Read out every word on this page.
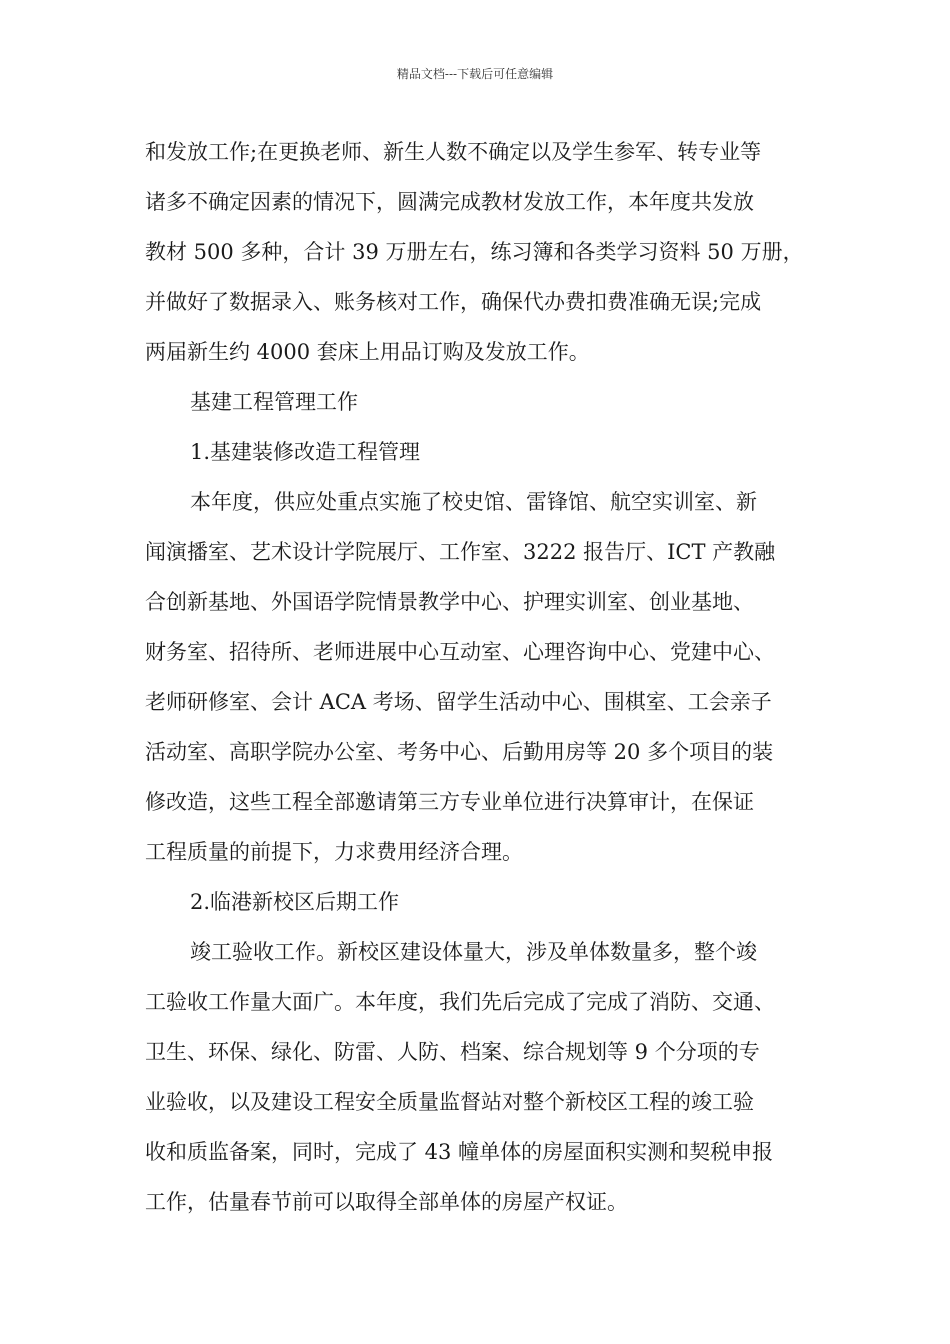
精品文档---下载后可任意编辑
和发放工作;在更换老师、新生人数不确定以及学生参军、转专业等
诸多不确定因素的情况下，圆满完成教材发放工作，本年度共发放
教材 500 多种，合计 39 万册左右，练习簿和各类学习资料 50 万册，
并做好了数据录入、账务核对工作，确保代办费扣费准确无误;完成
两届新生约 4000 套床上用品订购及发放工作。
基建工程管理工作
1.基建装修改造工程管理
本年度，供应处重点实施了校史馆、雷锋馆、航空实训室、新
闻演播室、艺术设计学院展厅、工作室、3222 报告厅、ICT 产教融
合创新基地、外国语学院情景教学中心、护理实训室、创业基地、
财务室、招待所、老师进展中心互动室、心理咨询中心、党建中心、
老师研修室、会计 ACA 考场、留学生活动中心、围棋室、工会亲子
活动室、高职学院办公室、考务中心、后勤用房等 20 多个项目的装
修改造，这些工程全部邀请第三方专业单位进行决算审计，在保证
工程质量的前提下，力求费用经济合理。
2.临港新校区后期工作
竣工验收工作。新校区建设体量大，涉及单体数量多，整个竣
工验收工作量大面广。本年度，我们先后完成了完成了消防、交通、
卫生、环保、绿化、防雷、人防、档案、综合规划等 9 个分项的专
业验收，以及建设工程安全质量监督站对整个新校区工程的竣工验
收和质监备案，同时，完成了 43 幢单体的房屋面积实测和契税申报
工作，估量春节前可以取得全部单体的房屋产权证。
